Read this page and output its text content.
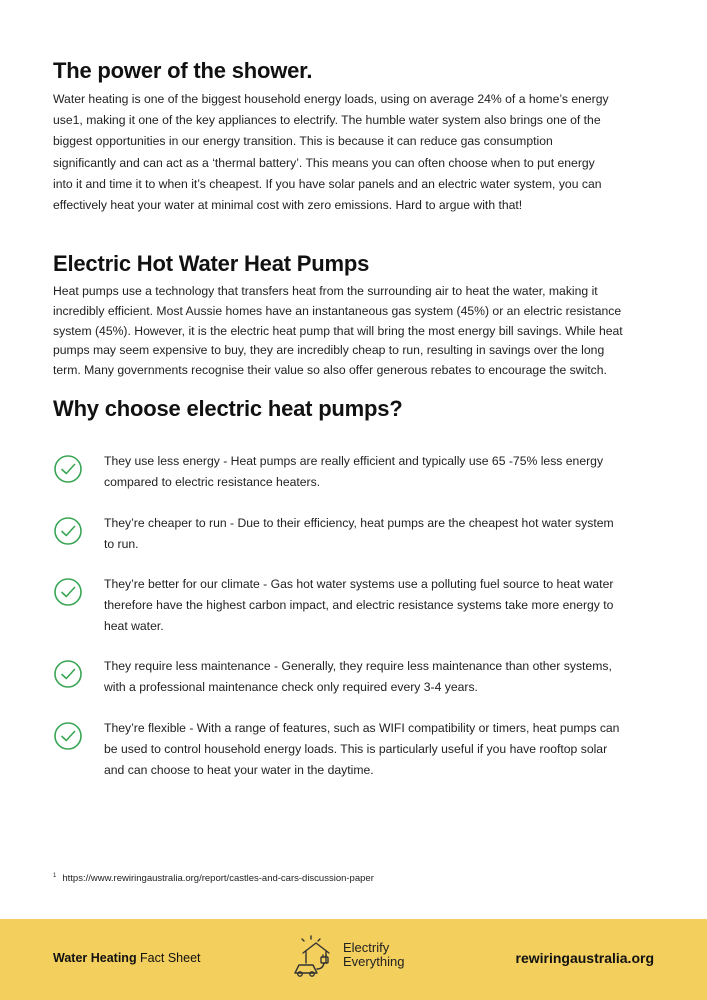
The power of the shower.
Water heating is one of the biggest household energy loads, using on average 24% of a home’s energy
use1, making it one of the key appliances to electrify. The humble water system also brings one of the
biggest opportunities in our energy transition. This is because it can reduce gas consumption
significantly and can act as a ‘thermal battery’. This means you can often choose when to put energy
into it and time it to when it’s cheapest. If you have solar panels and an electric water system, you can
effectively heat your water at minimal cost with zero emissions. Hard to argue with that!
Electric Hot Water Heat Pumps
Heat pumps use a technology that transfers heat from the surrounding air to heat the water, making it
incredibly efficient. Most Aussie homes have an instantaneous gas system (45%) or an electric resistance
system (45%). However, it is the electric heat pump that will bring the most energy bill savings. While heat
pumps may seem expensive to buy, they are incredibly cheap to run, resulting in savings over the long
term. Many governments recognise their value so also offer generous rebates to encourage the switch.
Why choose electric heat pumps?
They use less energy - Heat pumps are really efficient and typically use 65 -75% less energy
compared to electric resistance heaters.
They’re cheaper to run - Due to their efficiency, heat pumps are the cheapest hot water system
to run.
They’re better for our climate - Gas hot water systems use a polluting fuel source to heat water
therefore have the highest carbon impact, and electric resistance systems take more energy to
heat water.
They require less maintenance - Generally, they require less maintenance than other systems,
with a professional maintenance check only required every 3-4 years.
They’re flexible - With a range of features, such as WIFI compatibility or timers, heat pumps can
be used to control household energy loads. This is particularly useful if you have rooftop solar
and can choose to heat your water in the daytime.
$^1$ https://www.rewiringaustralia.org/report/castles-and-cars-discussion-paper
Water Heating Fact Sheet
Electrify
Everything	rewiringaustralia.org
